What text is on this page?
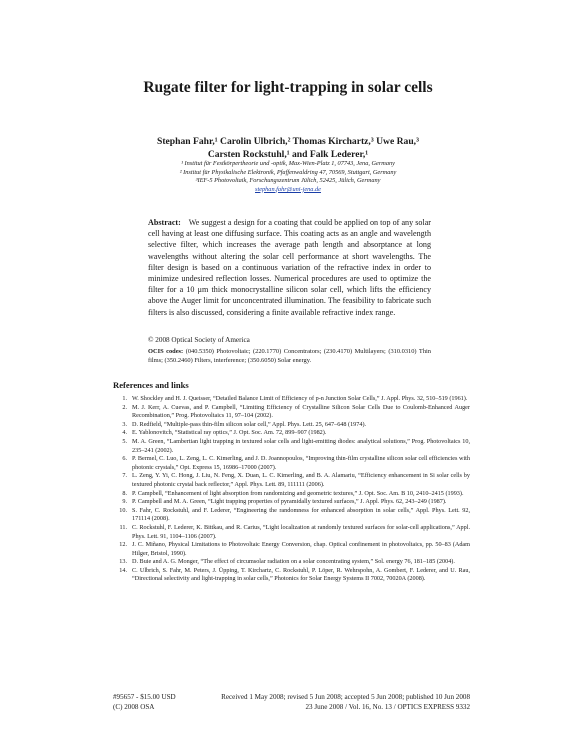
Rugate filter for light-trapping in solar cells
Stephan Fahr,¹ Carolin Ulbrich,² Thomas Kirchartz,³ Uwe Rau,³
Carsten Rockstuhl,¹ and Falk Lederer,¹
¹ Institut für Festkörpertheorie und -optik, Max-Wien-Platz 1, 07743, Jena, Germany
² Institut für Physikalische Elektronik, Pfaffenwaldring 47, 70569, Stuttgart, Germany
³IEF-5 Photovoltaik, Forschungszentrum Jülich, 52425, Jülich, Germany
stephan.fahr@uni-jena.de
Abstract: We suggest a design for a coating that could be applied on top of any solar cell having at least one diffusing surface. This coating acts as an angle and wavelength selective filter, which increases the average path length and absorptance at long wavelengths without altering the solar cell performance at short wavelengths. The filter design is based on a continuous variation of the refractive index in order to minimize undesired reflection losses. Numerical procedures are used to optimize the filter for a 10 μm thick monocrystalline silicon solar cell, which lifts the efficiency above the Auger limit for unconcentrated illumination. The feasibility to fabricate such filters is also discussed, considering a finite available refractive index range.
© 2008 Optical Society of America
OCIS codes: (040.5350) Photovoltaic; (220.1770) Concentrators; (230.4170) Multilayers; (310.0310) Thin films; (350.2460) Filters, interference; (350.6050) Solar energy.
References and links
1. W. Shockley and H. J. Queisser, “Detailed Balance Limit of Efficiency of p-n Junction Solar Cells,” J. Appl. Phys. 32, 510–519 (1961).
2. M. J. Kerr, A. Cuevas, and P. Campbell, “Limiting Efficiency of Crystalline Silicon Solar Cells Due to Coulomb-Enhanced Auger Recombination,” Prog. Photovoltaics 11, 97–104 (2002).
3. D. Redfield, “Multiple-pass thin-film silicon solar cell,” Appl. Phys. Lett. 25, 647–648 (1974).
4. E. Yablonovitch, “Statistical ray optics,” J. Opt. Soc. Am. 72, 899–907 (1982).
5. M. A. Green, “Lambertian light trapping in textured solar cells and light-emitting diodes: analytical solutions,” Prog. Photovoltaics 10, 235–241 (2002).
6. P. Bermel, C. Luo, L. Zeng, L. C. Kimerling, and J. D. Joannopoulos, “Improving thin-film crystalline silicon solar cell efficiencies with photonic crystals,” Opt. Express 15, 16986–17000 (2007).
7. L. Zeng, Y. Yi, C. Hong, J. Liu, N. Feng, X. Duan, L. C. Kimerling, and B. A. Alamariu, “Efficiency enhancement in Si solar cells by textured photonic crystal back reflector,” Appl. Phys. Lett. 89, 111111 (2006).
8. P. Campbell, “Enhancement of light absorption from randomizing and geometric textures,” J. Opt. Soc. Am. B 10, 2410–2415 (1993).
9. P. Campbell and M. A. Green, “Light trapping properties of pyramidally textured surfaces,” J. Appl. Phys. 62, 243–249 (1987).
10. S. Fahr, C. Rockstuhl, and F. Lederer, “Engineering the randomness for enhanced absorption in solar cells,” Appl. Phys. Lett. 92, 171114 (2008).
11. C. Rockstuhl, F. Lederer, K. Bittkau, and R. Carius, “Light localization at randomly textured surfaces for solar-cell applications,” Appl. Phys. Lett. 91, 1104–1106 (2007).
12. J. C. Miñano, Physical Limitations to Photovoltaic Energy Conversion, chap. Optical confinement in photovoltaics, pp. 50–83 (Adam Hilger, Bristol, 1990).
13. D. Buie and A. G. Monger, “The effect of circumsolar radiation on a solar concentrating system,” Sol. energy 76, 181–185 (2004).
14. C. Ulbrich, S. Fahr, M. Peters, J. Üpping, T. Kirchartz, C. Rockstuhl, P. Löper, R. Wehrspohn, A. Gombert, F. Lederer, and U. Rau, “Directional selectivity and light-trapping in solar cells,” Photonics for Solar Energy Systems II 7002, 70020A (2008).
#95657 - $15.00 USD	Received 1 May 2008; revised 5 Jun 2008; accepted 5 Jun 2008; published 10 Jun 2008
(C) 2008 OSA	23 June 2008 / Vol. 16, No. 13 / OPTICS EXPRESS 9332
